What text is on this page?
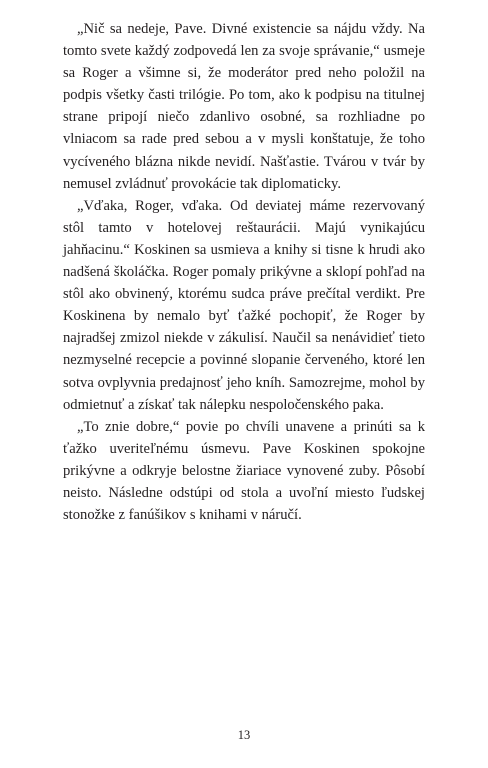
„Nič sa nedeje, Pave. Divné existencie sa nájdu vždy. Na tomto svete každý zodpovedá len za svoje správanie,“ usmeje sa Roger a všimne si, že moderátor pred neho položil na podpis všetky časti trilógie. Po tom, ako k podpisu na titulnej strane pripojí niečo zdanlivo osobné, sa rozhliadne po vlniacom sa rade pred sebou a v mysli konštatuje, že toho vycíveného blázna nikde nevidí. Našťastie. Tvárou v tvár by nemusel zvládnuť provokácie tak diplomaticky.

„Vďaka, Roger, vďaka. Od deviatej máme rezervovaný stôl tamto v hotelovej reštaurácii. Majú vynikajúcu jahňacinu.“ Koskinen sa usmieva a knihy si tisne k hrudi ako nadšená školáčka. Roger pomaly prikývne a sklopí pohľad na stôl ako obvinený, ktorému sudca práve prečítal verdikt. Pre Koskinena by nemalo byť ťažké pochopiť, že Roger by najradšej zmizol niekde v zákulisí. Naučil sa nenávidieť tieto nezmyselné recepcie a povinné slopanie červeného, ktoré len sotva ovplyvnia predajnosť jeho kníh. Samozrejme, mohol by odmietnuť a získať tak nálepku nespoločenského paka.

„To znie dobre,“ povie po chvíli unavene a prinúti sa k ťažko uveriteľnému úsmevu. Pave Koskinen spokojne prikývne a odkryje belostne žiariace vynovené zuby. Pôsobí neisto. Následne odstúpi od stola a uvoľní miesto ľudskej stonožke z fanúšikov s knihami v náručí.

13
